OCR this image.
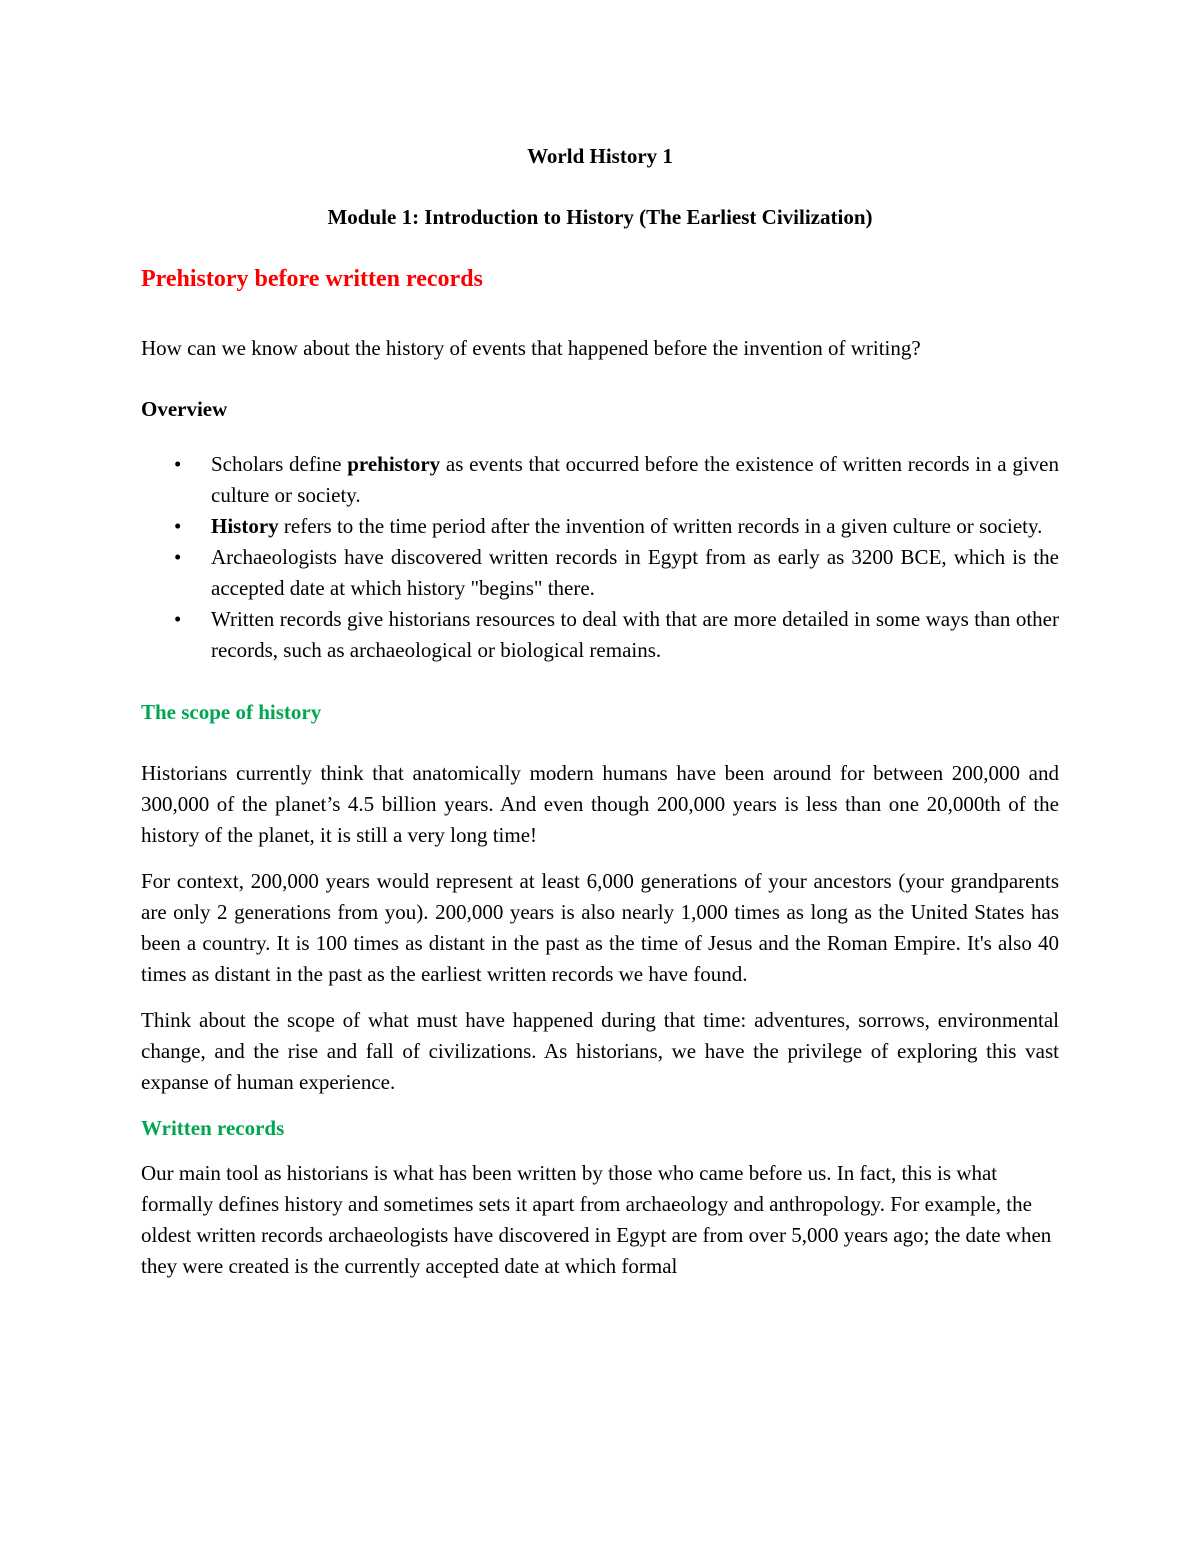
World History 1

Module 1: Introduction to History (The Earliest Civilization)

Prehistory before written records

How can we know about the history of events that happened before the invention of writing?

Overview

• Scholars define prehistory as events that occurred before the existence of written records in a given culture or society.
• History refers to the time period after the invention of written records in a given culture or society.
• Archaeologists have discovered written records in Egypt from as early as 3200 BCE, which is the accepted date at which history "begins" there.
• Written records give historians resources to deal with that are more detailed in some ways than other records, such as archaeological or biological remains.

The scope of history

Historians currently think that anatomically modern humans have been around for between 200,000 and 300,000 of the planet’s 4.5 billion years. And even though 200,000 years is less than one 20,000th of the history of the planet, it is still a very long time!

For context, 200,000 years would represent at least 6,000 generations of your ancestors (your grandparents are only 2 generations from you). 200,000 years is also nearly 1,000 times as long as the United States has been a country. It is 100 times as distant in the past as the time of Jesus and the Roman Empire. It's also 40 times as distant in the past as the earliest written records we have found.

Think about the scope of what must have happened during that time: adventures, sorrows, environmental change, and the rise and fall of civilizations. As historians, we have the privilege of exploring this vast expanse of human experience.

Written records

Our main tool as historians is what has been written by those who came before us. In fact, this is what formally defines history and sometimes sets it apart from archaeology and anthropology. For example, the oldest written records archaeologists have discovered in Egypt are from over 5,000 years ago; the date when they were created is the currently accepted date at which formal
